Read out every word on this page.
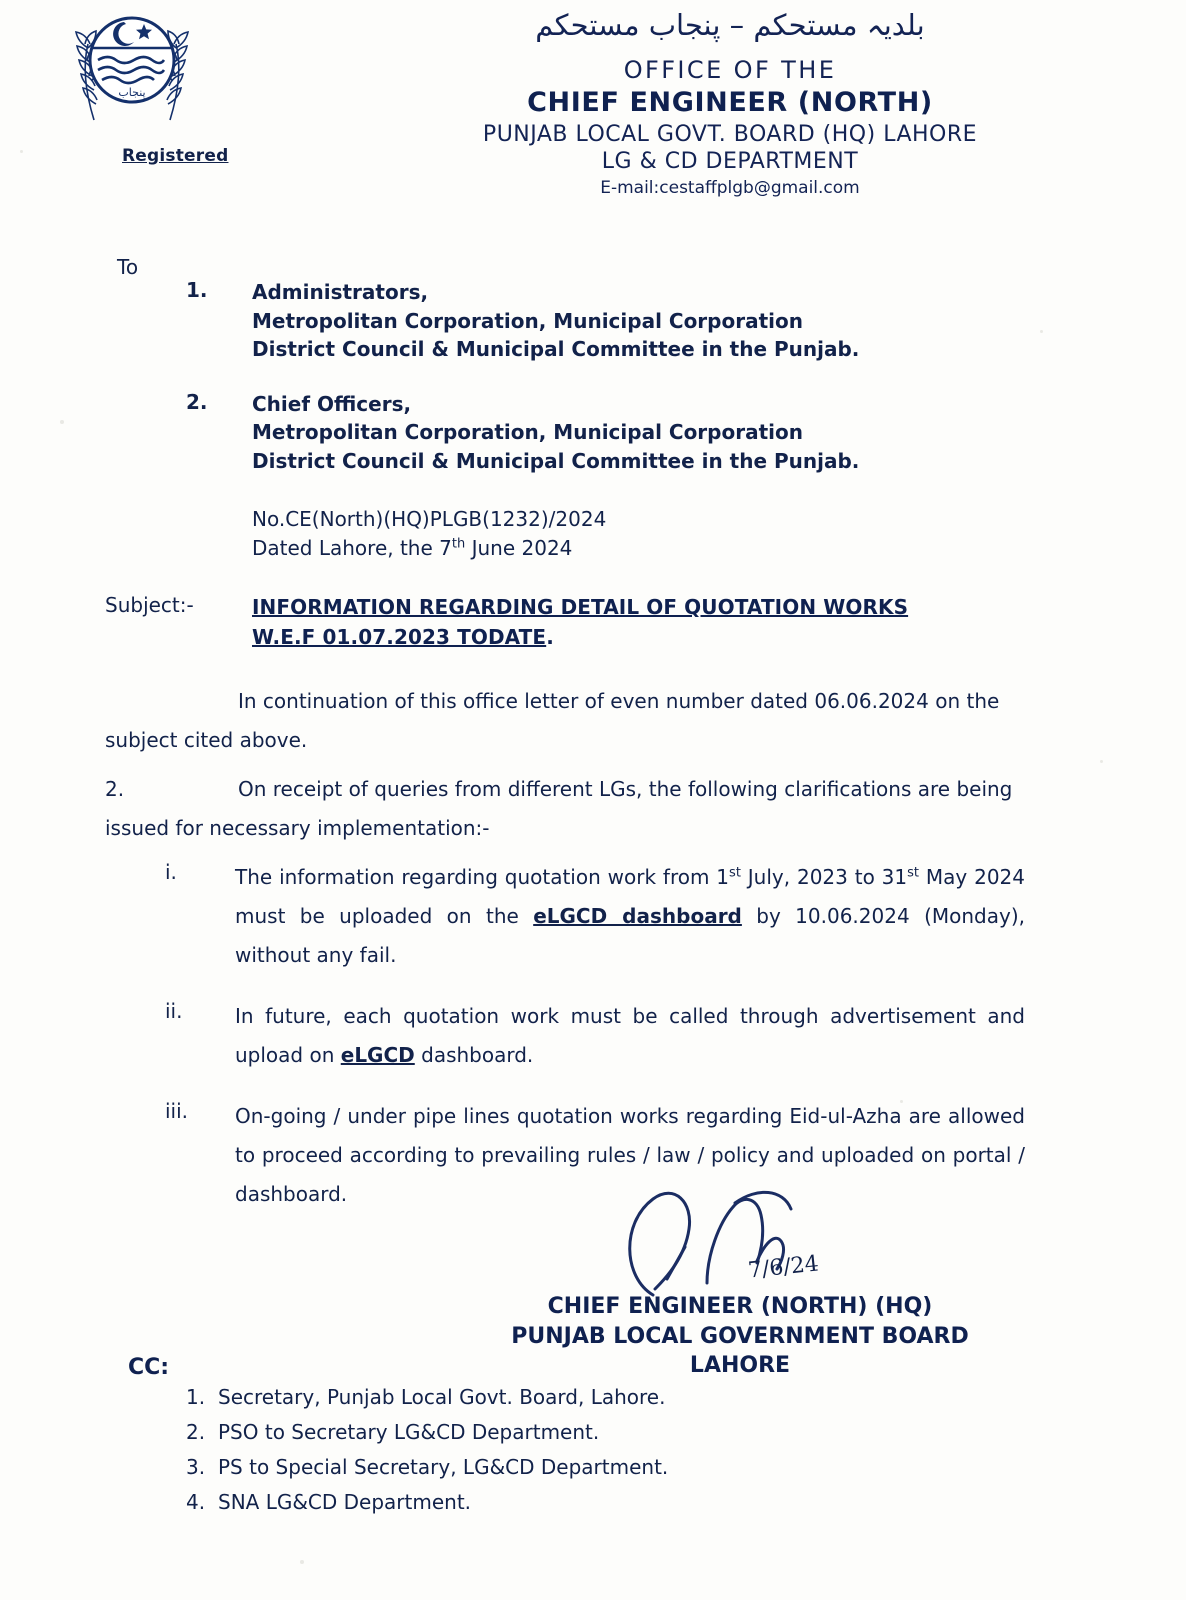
پنجاب
Registered
بلدیہ مستحکم – پنجاب مستحکم
OFFICE OF THE
CHIEF ENGINEER (NORTH)
PUNJAB LOCAL GOVT. BOARD (HQ) LAHORE
LG & CD DEPARTMENT
E-mail:cestaffplgb@gmail.com
To
1.	Administrators,
Metropolitan Corporation, Municipal Corporation
District Council & Municipal Committee in the Punjab.
2.	Chief Officers,
Metropolitan Corporation, Municipal Corporation
District Council & Municipal Committee in the Punjab.
No.CE(North)(HQ)PLGB(1232)/2024
Dated Lahore, the 7th June 2024
Subject:-	INFORMATION REGARDING DETAIL OF QUOTATION WORKS
W.E.F 01.07.2023 TODATE.
In continuation of this office letter of even number dated 06.06.2024 on the subject cited above.
2.	On receipt of queries from different LGs, the following clarifications are being issued for necessary implementation:-
i.	The information regarding quotation work from 1st July, 2023 to 31st May 2024 must be uploaded on the eLGCD dashboard by 10.06.2024 (Monday), without any fail.
ii.	In future, each quotation work must be called through advertisement and upload on eLGCD dashboard.
iii.	On-going / under pipe lines quotation works regarding Eid-ul-Azha are allowed to proceed according to prevailing rules / law / policy and uploaded on portal / dashboard.
7/6/24
CHIEF ENGINEER (NORTH) (HQ)
PUNJAB LOCAL GOVERNMENT BOARD
LAHORE
CC:
1. Secretary, Punjab Local Govt. Board, Lahore.
2. PSO to Secretary LG&CD Department.
3. PS to Special Secretary, LG&CD Department.
4. SNA LG&CD Department.
